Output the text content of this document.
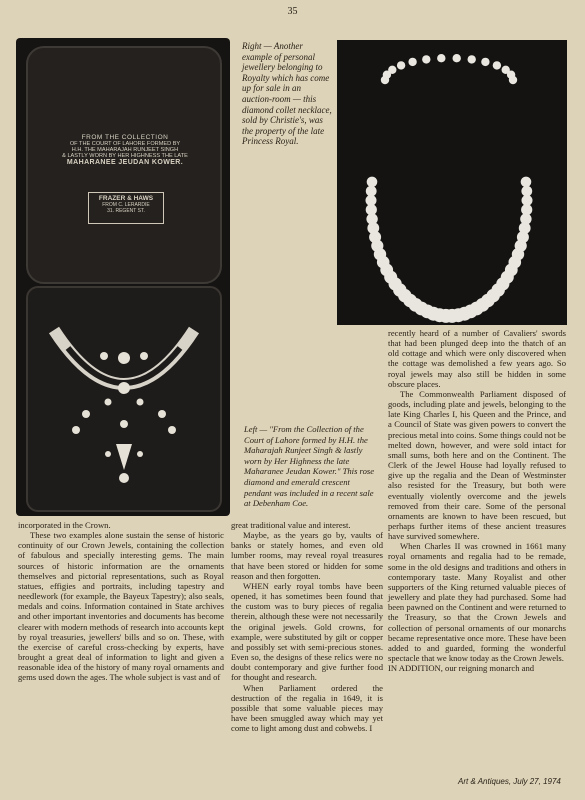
35
FROM THE COLLECTION
OF THE COURT OF LAHORE FORMED BY
H.H. THE MAHARAJAH RUNJEET SINGH
& LASTLY WORN BY HER HIGHNESS THE LATE
MAHARANEE JEUDAN KOWER.
FRAZER & HAWS
FROM C. LERARDIE
31. REGENT ST.
Right — Another example of personal jewellery belonging to Royalty which has come up for sale in an auction-room — this diamond collet necklace, sold by Christie's, was the property of the late Princess Royal.
Left — "From the Collection of the Court of Lahore formed by H.H. the Maharajah Runjeet Singh & lastly worn by Her Highness the late Maharanee Jeudan Kower." This rose diamond and emerald crescent pendant was included in a recent sale at Debenham Coe.

incorporated in the Crown.

These two examples alone sustain the sense of historic continuity of our Crown Jewels, containing the collection of fabulous and specially interesting gems. The main sources of historic information are the ornaments themselves and pictorial representations, such as Royal statues, effigies and portraits, including tapestry and needlework (for example, the Bayeux Tapestry); also seals, medals and coins. Information contained in State archives and other important inventories and documents has become clearer with modern methods of research into accounts kept by royal treasuries, jewellers' bills and so on. These, with the exercise of careful cross-checking by experts, have brought a great deal of information to light and given a reasonable idea of the history of many royal ornaments and gems used down the ages. The whole subject is vast and of

great traditional value and interest.

Maybe, as the years go by, vaults of banks or stately homes, and even old lumber rooms, may reveal royal treasures that have been stored or hidden for some reason and then forgotten.

WHEN early royal tombs have been opened, it has sometimes been found that the custom was to bury pieces of regalia therein, although these were not necessarily the original jewels. Gold crowns, for example, were substituted by gilt or copper and possibly set with semi-precious stones. Even so, the designs of these relics were no doubt contemporary and give further food for thought and research.

When Parliament ordered the destruction of the regalia in 1649, it is possible that some valuable pieces may have been smuggled away which may yet come to light among dust and cobwebs. I

recently heard of a number of Cavaliers' swords that had been plunged deep into the thatch of an old cottage and which were only discovered when the cottage was demolished a few years ago. So royal jewels may also still be hidden in some obscure places.

The Commonwealth Parliament disposed of goods, including plate and jewels, belonging to the late King Charles I, his Queen and the Prince, and a Council of State was given powers to convert the precious metal into coins. Some things could not be melted down, however, and were sold intact for small sums, both here and on the Continent. The Clerk of the Jewel House had loyally refused to give up the regalia and the Dean of Westminster also resisted for the Treasury, but both were eventually violently overcome and the jewels removed from their care. Some of the personal ornaments are known to have been rescued, but perhaps further items of these ancient treasures have survived somewhere.

When Charles II was crowned in 1661 many royal ornaments and regalia had to be remade, some in the old designs and traditions and others in contemporary taste. Many Royalist and other supporters of the King returned valuable pieces of jewellery and plate they had purchased. Some had been pawned on the Continent and were returned to the Treasury, so that the Crown Jewels and collection of personal ornaments of our monarchs became representative once more. These have been added to and guarded, forming the wonderful spectacle that we know today as the Crown Jewels.

IN ADDITION, our reigning monarch and

Art & Antiques, July 27, 1974
